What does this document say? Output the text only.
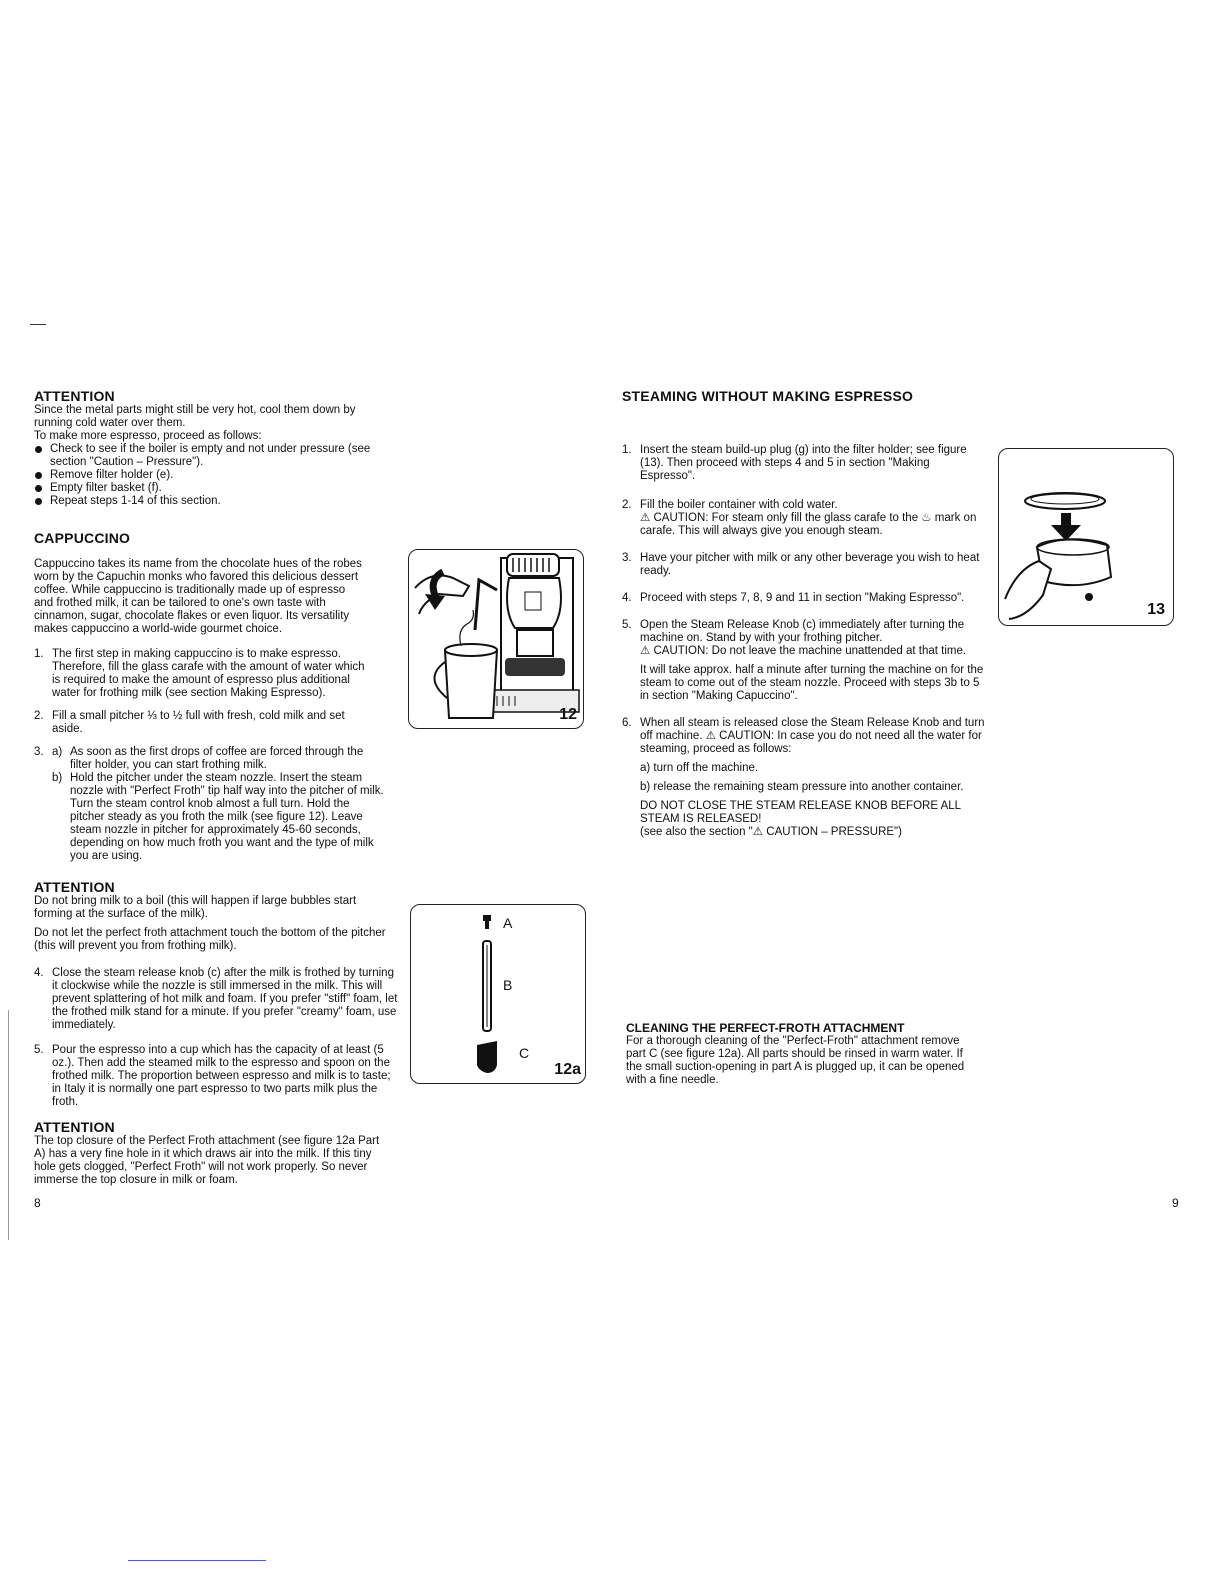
ATTENTION

Since the metal parts might still be very hot, cool them down by running cold water over them.

To make more espresso, proceed as follows:

Check to see if the boiler is empty and not under pressure (see section "Caution – Pressure").

Remove filter holder (e).

Empty filter basket (f).

Repeat steps 1-14 of this section.

CAPPUCCINO

Cappuccino takes its name from the chocolate hues of the robes worn by the Capuchin monks who favored this delicious dessert coffee. While cappuccino is traditionally made up of espresso and frothed milk, it can be tailored to one's own taste with cinnamon, sugar, chocolate flakes or even liquor. Its versatility makes cappuccino a world-wide gourmet choice.

1. The first step in making cappuccino is to make espresso. Therefore, fill the glass carafe with the amount of water which is required to make the amount of espresso plus additional water for frothing milk (see section Making Espresso).

2. Fill a small pitcher ⅓ to ½ full with fresh, cold milk and set aside.

3. a) As soon as the first drops of coffee are forced through the filter holder, you can start frothing milk.

b) Hold the pitcher under the steam nozzle. Insert the steam nozzle with "Perfect Froth" tip half way into the pitcher of milk. Turn the steam control knob almost a full turn. Hold the pitcher steady as you froth the milk (see figure 12). Leave steam nozzle in pitcher for approximately 45-60 seconds, depending on how much froth you want and the type of milk you are using.

ATTENTION

Do not bring milk to a boil (this will happen if large bubbles start forming at the surface of the milk).

Do not let the perfect froth attachment touch the bottom of the pitcher (this will prevent you from frothing milk).

4. Close the steam release knob (c) after the milk is frothed by turning it clockwise while the nozzle is still immersed in the milk. This will prevent splattering of hot milk and foam. If you prefer "stiff" foam, let the frothed milk stand for a minute. If you prefer "creamy" foam, use immediately.

5. Pour the espresso into a cup which has the capacity of at least (5 oz.). Then add the steamed milk to the espresso and spoon on the frothed milk. The proportion between espresso and milk is to taste; in Italy it is normally one part espresso to two parts milk plus the froth.

ATTENTION

The top closure of the Perfect Froth attachment (see figure 12a Part A) has a very fine hole in it which draws air into the milk. If this tiny hole gets clogged, "Perfect Froth" will not work properly. So never immerse the top closure in milk or foam.

8
12
A
B
C
12a

STEAMING WITHOUT MAKING ESPRESSO

1. Insert the steam build-up plug (g) into the filter holder; see figure (13). Then proceed with steps 4 and 5 in section "Making Espresso".

2. Fill the boiler container with cold water.
⚠ CAUTION: For steam only fill the glass carafe to the ♨ mark on carafe. This will always give you enough steam.

3. Have your pitcher with milk or any other beverage you wish to heat ready.

4. Proceed with steps 7, 8, 9 and 11 in section "Making Espresso".

5. Open the Steam Release Knob (c) immediately after turning the machine on. Stand by with your frothing pitcher.
⚠ CAUTION: Do not leave the machine unattended at that time.
It will take approx. half a minute after turning the machine on for the steam to come out of the steam nozzle. Proceed with steps 3b to 5 in section "Making Capuccino".

6. When all steam is released close the Steam Release Knob and turn off machine. ⚠ CAUTION: In case you do not need all the water for steaming, proceed as follows:
a) turn off the machine.
b) release the remaining steam pressure into another container.
DO NOT CLOSE THE STEAM RELEASE KNOB BEFORE ALL STEAM IS RELEASED!
(see also the section "⚠ CAUTION – PRESSURE")

CLEANING THE PERFECT-FROTH ATTACHMENT

For a thorough cleaning of the "Perfect-Froth" attachment remove part C (see figure 12a). All parts should be rinsed in warm water. If the small suction-opening in part A is plugged up, it can be opened with a fine needle.

9
13
